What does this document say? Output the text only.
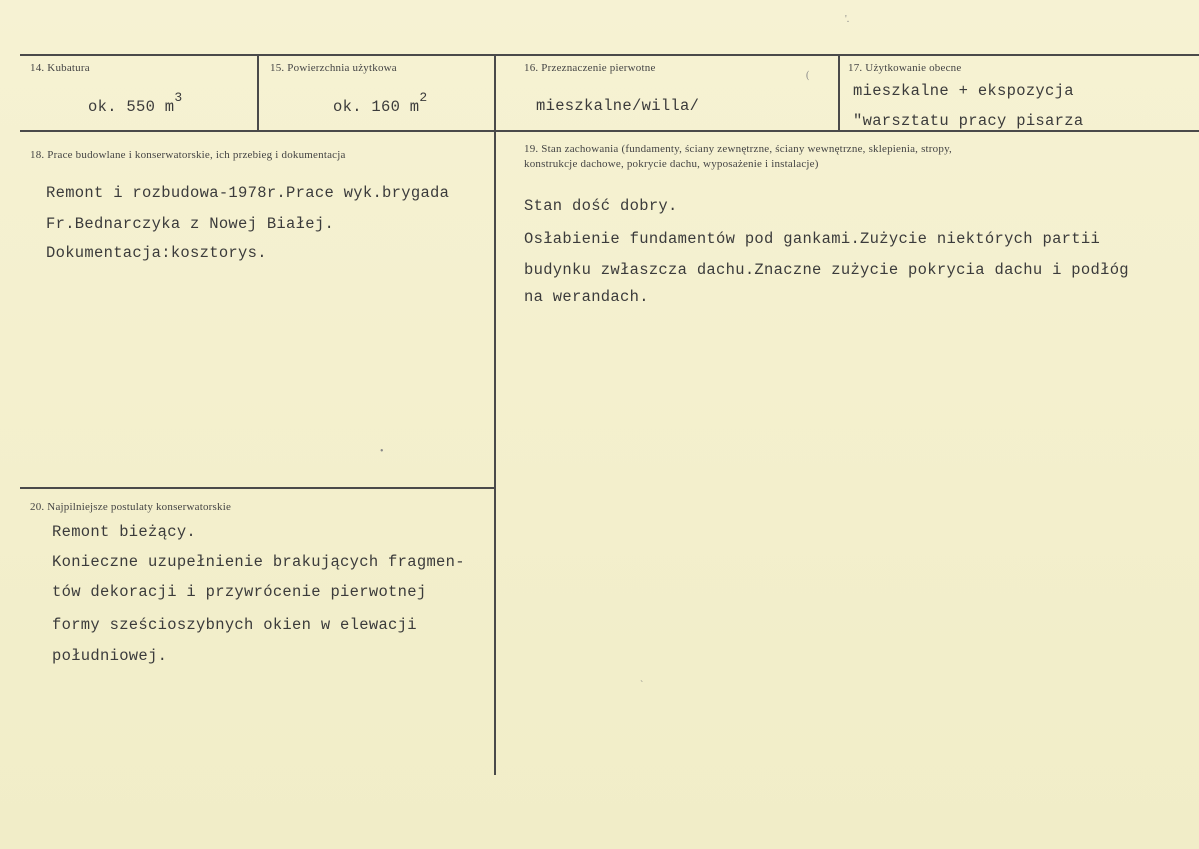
14. Kubatura
ok. 550 $m^3$
15. Powierzchnia użytkowa
ok. 160 $m^2$
16. Przeznaczenie pierwotne
mieszkalne/willa/
17. Użytkowanie obecne
mieszkalne + ekspozycja
"warsztatu pracy pisarza
18. Prace budowlane i konserwatorskie, ich przebieg i dokumentacja
Remont i rozbudowa-1978r.Prace wyk.brygada
Fr.Bednarczyka z Nowej Białej.
Dokumentacja:kosztorys.
19. Stan zachowania (fundamenty, ściany zewnętrzne, ściany wewnętrzne, sklepienia, stropy,
konstrukcje dachowe, pokrycie dachu, wyposażenie i instalacje)
Stan dość dobry.
Osłabienie fundamentów pod gankami.Zużycie niektórych partii
budynku zwłaszcza dachu.Znaczne zużycie pokrycia dachu i podłóg
na werandach.
20. Najpilniejsze postulaty konserwatorskie
Remont bieżący.
Konieczne uzupełnienie brakujących fragmen-
tów dekoracji i przywrócenie pierwotnej
formy sześcioszybnych okien w elewacji
południowej.
'.
(
•
`
